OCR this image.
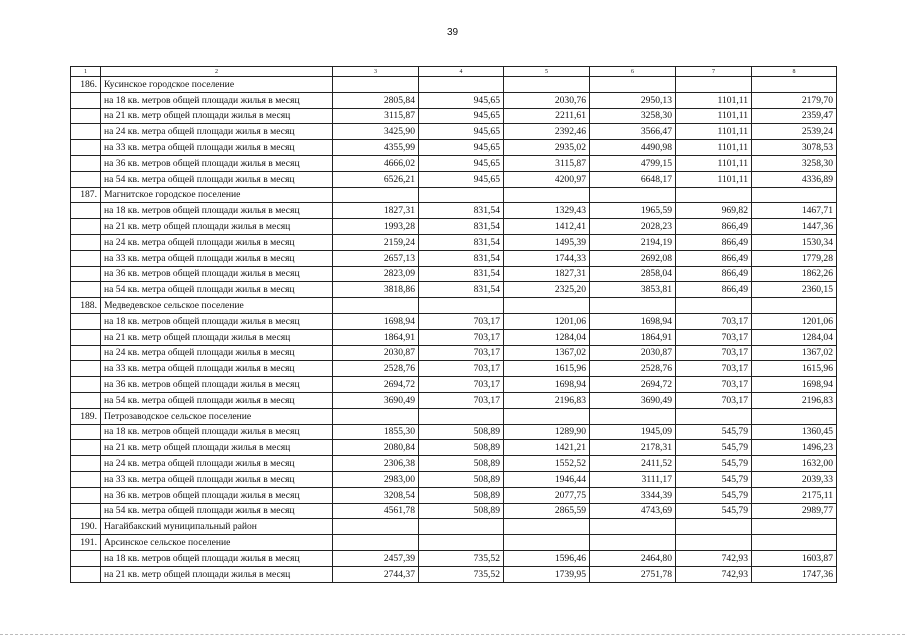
39
1	2	3	4	5	6	7	8
186.	Кусинское городское поселение						
	на 18 кв. метров общей площади жилья в месяц	2805,84	945,65	2030,76	2950,13	1101,11	2179,70
	на 21 кв. метр общей площади жилья в месяц	3115,87	945,65	2211,61	3258,30	1101,11	2359,47
	на 24 кв. метра общей площади жилья в месяц	3425,90	945,65	2392,46	3566,47	1101,11	2539,24
	на 33 кв. метра общей площади жилья в месяц	4355,99	945,65	2935,02	4490,98	1101,11	3078,53
	на 36 кв. метров общей площади жилья в месяц	4666,02	945,65	3115,87	4799,15	1101,11	3258,30
	на 54 кв. метра общей площади жилья в месяц	6526,21	945,65	4200,97	6648,17	1101,11	4336,89
187.	Магнитское городское поселение						
	на 18 кв. метров общей площади жилья в месяц	1827,31	831,54	1329,43	1965,59	969,82	1467,71
	на 21 кв. метр общей площади жилья в месяц	1993,28	831,54	1412,41	2028,23	866,49	1447,36
	на 24 кв. метра общей площади жилья в месяц	2159,24	831,54	1495,39	2194,19	866,49	1530,34
	на 33 кв. метра общей площади жилья в месяц	2657,13	831,54	1744,33	2692,08	866,49	1779,28
	на 36 кв. метров общей площади жилья в месяц	2823,09	831,54	1827,31	2858,04	866,49	1862,26
	на 54 кв. метра общей площади жилья в месяц	3818,86	831,54	2325,20	3853,81	866,49	2360,15
188.	Медведевское сельское поселение						
	на 18 кв. метров общей площади жилья в месяц	1698,94	703,17	1201,06	1698,94	703,17	1201,06
	на 21 кв. метр общей площади жилья в месяц	1864,91	703,17	1284,04	1864,91	703,17	1284,04
	на 24 кв. метра общей площади жилья в месяц	2030,87	703,17	1367,02	2030,87	703,17	1367,02
	на 33 кв. метра общей площади жилья в месяц	2528,76	703,17	1615,96	2528,76	703,17	1615,96
	на 36 кв. метров общей площади жилья в месяц	2694,72	703,17	1698,94	2694,72	703,17	1698,94
	на 54 кв. метра общей площади жилья в месяц	3690,49	703,17	2196,83	3690,49	703,17	2196,83
189.	Петрозаводское сельское поселение						
	на 18 кв. метров общей площади жилья в месяц	1855,30	508,89	1289,90	1945,09	545,79	1360,45
	на 21 кв. метр общей площади жилья в месяц	2080,84	508,89	1421,21	2178,31	545,79	1496,23
	на 24 кв. метра общей площади жилья в месяц	2306,38	508,89	1552,52	2411,52	545,79	1632,00
	на 33 кв. метра общей площади жилья в месяц	2983,00	508,89	1946,44	3111,17	545,79	2039,33
	на 36 кв. метров общей площади жилья в месяц	3208,54	508,89	2077,75	3344,39	545,79	2175,11
	на 54 кв. метра общей площади жилья в месяц	4561,78	508,89	2865,59	4743,69	545,79	2989,77
190.	Нагайбакский муниципальный район						
191.	Арсинское сельское поселение						
	на 18 кв. метров общей площади жилья в месяц	2457,39	735,52	1596,46	2464,80	742,93	1603,87
	на 21 кв. метр общей площади жилья в месяц	2744,37	735,52	1739,95	2751,78	742,93	1747,36
